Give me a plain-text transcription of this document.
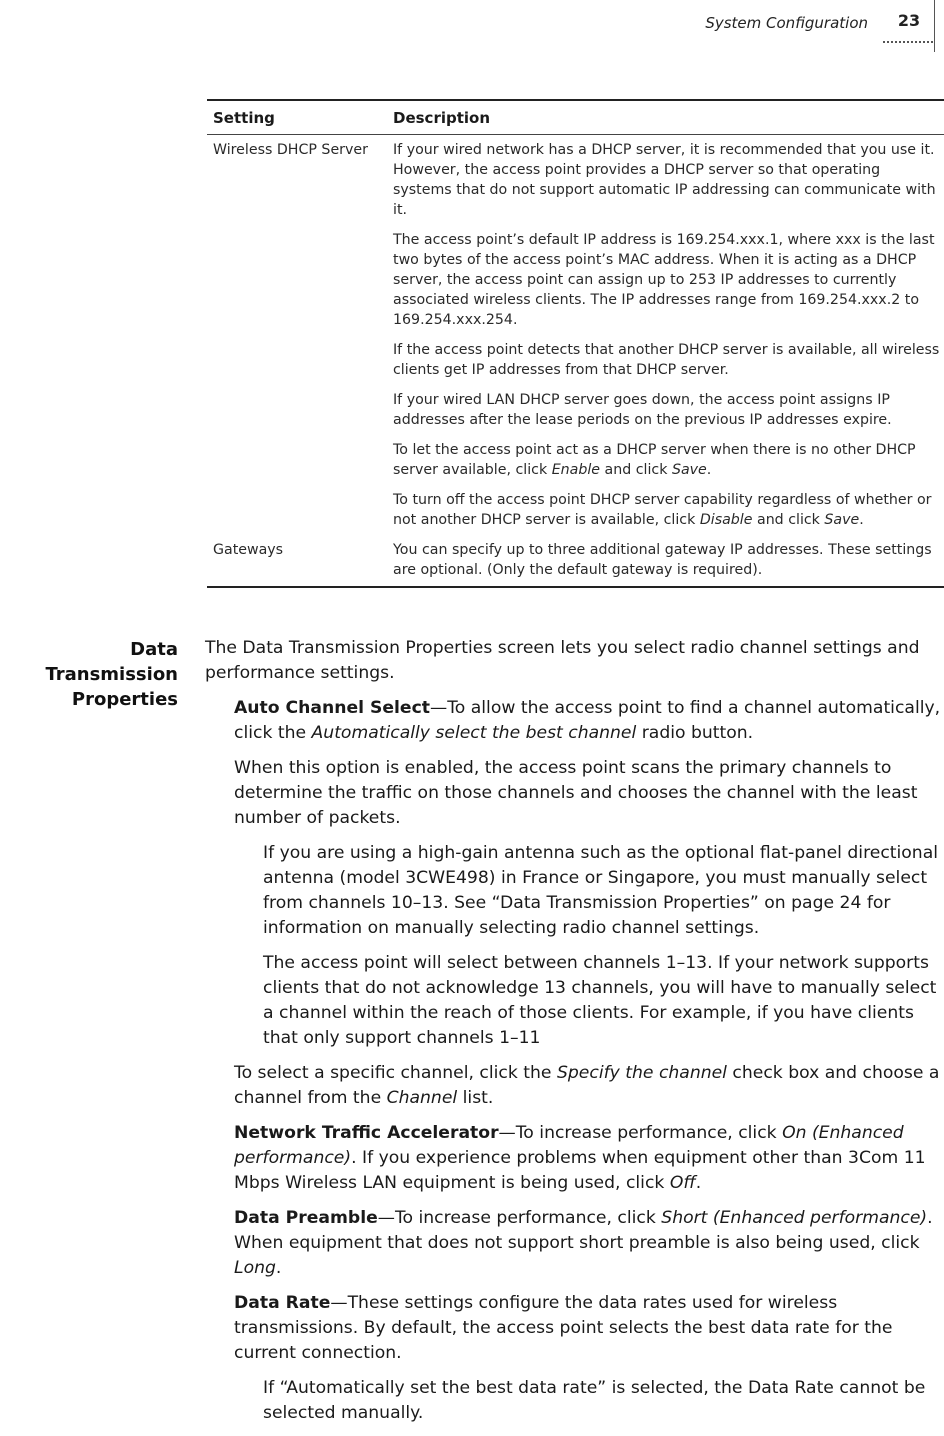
System Configuration	23
Setting	Description
Wireless DHCP Server	If your wired network has a DHCP server, it is recommended that you use it. However, the access point provides a DHCP server so that operating systems that do not support automatic IP addressing can communicate with it.

The access point’s default IP address is 169.254.xxx.1, where xxx is the last two bytes of the access point’s MAC address. When it is acting as a DHCP server, the access point can assign up to 253 IP addresses to currently associated wireless clients. The IP addresses range from 169.254.xxx.2 to 169.254.xxx.254.

If the access point detects that another DHCP server is available, all wireless clients get IP addresses from that DHCP server.

If your wired LAN DHCP server goes down, the access point assigns IP addresses after the lease periods on the previous IP addresses expire.

To let the access point act as a DHCP server when there is no other DHCP server available, click Enable and click Save.

To turn off the access point DHCP server capability regardless of whether or not another DHCP server is available, click Disable and click Save.

Gateways	You can specify up to three additional gateway IP addresses. These settings are optional. (Only the default gateway is required).

Data Transmission
Properties

The Data Transmission Properties screen lets you select radio channel settings and performance settings.

Auto Channel Select—To allow the access point to find a channel automatically, click the Automatically select the best channel radio button.

When this option is enabled, the access point scans the primary channels to determine the traffic on those channels and chooses the channel with the least number of packets.

If you are using a high-gain antenna such as the optional flat-panel directional antenna (model 3CWE498) in France or Singapore, you must manually select from channels 10–13. See “Data Transmission Properties” on page 24 for information on manually selecting radio channel settings.

The access point will select between channels 1–13. If your network supports clients that do not acknowledge 13 channels, you will have to manually select a channel within the reach of those clients. For example, if you have clients that only support channels 1–11

To select a specific channel, click the Specify the channel check box and choose a channel from the Channel list.

Network Traffic Accelerator—To increase performance, click On (Enhanced performance). If you experience problems when equipment other than 3Com 11 Mbps Wireless LAN equipment is being used, click Off.

Data Preamble—To increase performance, click Short (Enhanced performance). When equipment that does not support short preamble is also being used, click Long.

Data Rate—These settings configure the data rates used for wireless transmissions. By default, the access point selects the best data rate for the current connection.

If “Automatically set the best data rate” is selected, the Data Rate cannot be selected manually.
